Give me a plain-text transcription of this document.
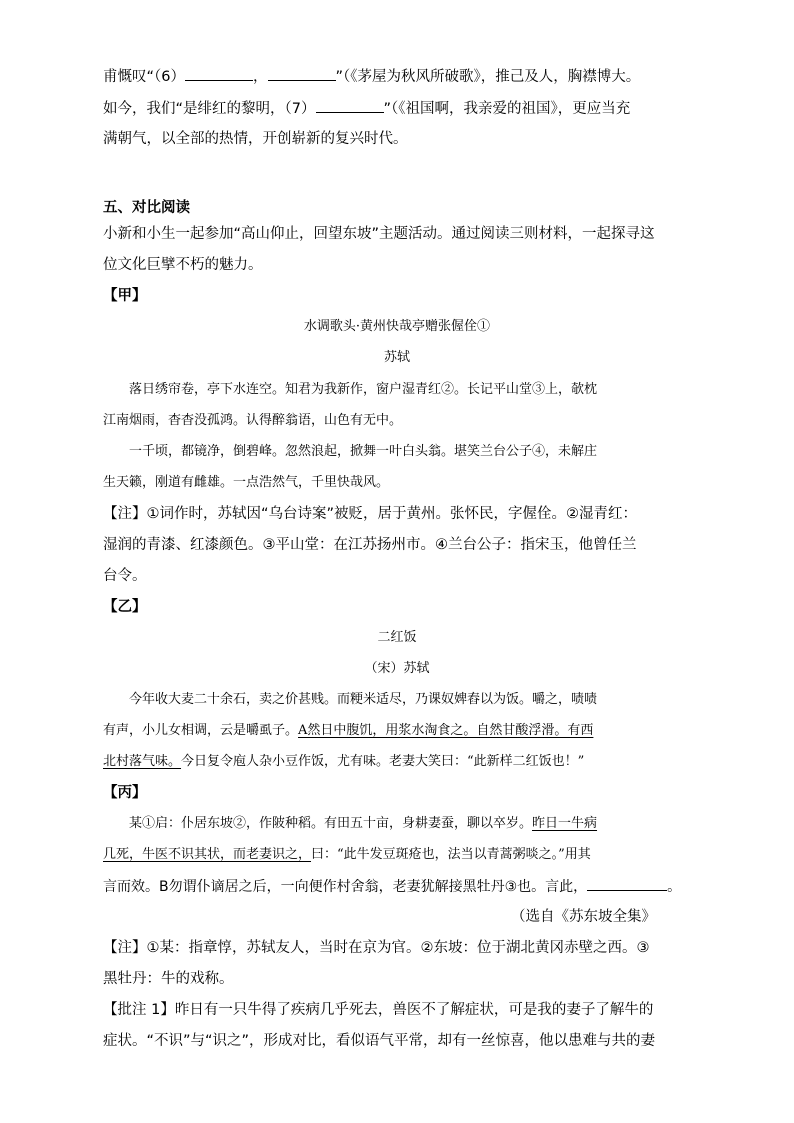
甫慨叹“（6）	，	”（《茅屋为秋风所破歌》，推己及人，胸襟博大。
如今，我们“是绯红的黎明，（7）	”（《祖国啊，我亲爱的祖国》，更应当充
满朝气，以全部的热情，开创崭新的复兴时代。
五、对比阅读
小新和小生一起参加“高山仰止，回望东坡”主题活动。通过阅读三则材料，一起探寻这
位文化巨擘不朽的魅力。
【甲】
水调歌头·黄州快哉亭赠张偓佺①
苏轼
落日绣帘卷，亭下水连空。知君为我新作，窗户湿青红②。长记平山堂③上，欹枕
江南烟雨，杳杳没孤鸿。认得醉翁语，山色有无中。
一千顷，都镜净，倒碧峰。忽然浪起，掀舞一叶白头翁。堪笑兰台公子④，未解庄
生天籁，刚道有雌雄。一点浩然气，千里快哉风。
【注】①词作时，苏轼因“乌台诗案”被贬，居于黄州。张怀民，字偓佺。②湿青红：
湿润的青漆、红漆颜色。③平山堂：在江苏扬州市。④兰台公子：指宋玉，他曾任兰
台令。
【乙】
二红饭
（宋）苏轼
今年收大麦二十余石，卖之价甚贱。而粳米适尽，乃课奴婢舂以为饭。嚼之，啧啧
有声，小儿女相调，云是嚼虱子。A然日中腹饥，用浆水淘食之。自然甘酸浮滑。有西
北村落气味。今日复令庖人杂小豆作饭，尤有味。老妻大笑曰：“此新样二红饭也！”
【丙】
某①启：仆居东坡②，作陂种稻。有田五十亩，身耕妻蚕，聊以卒岁。昨日一牛病
几死，牛医不识其状，而老妻识之，曰：“此牛发豆斑疮也，法当以青蒿粥啖之。”用其
言而效。B勿谓仆谪居之后，一向便作村舍翁，老妻犹解接黑牡丹③也。言此，	。
（选自《苏东坡全集》
【注】①某：指章惇，苏轼友人，当时在京为官。②东坡：位于湖北黄冈赤壁之西。③
黑牡丹：牛的戏称。
【批注 1】昨日有一只牛得了疾病几乎死去，兽医不了解症状，可是我的妻子了解牛的
症状。“不识”与“识之”，形成对比，看似语气平常，却有一丝惊喜，他以患难与共的妻
